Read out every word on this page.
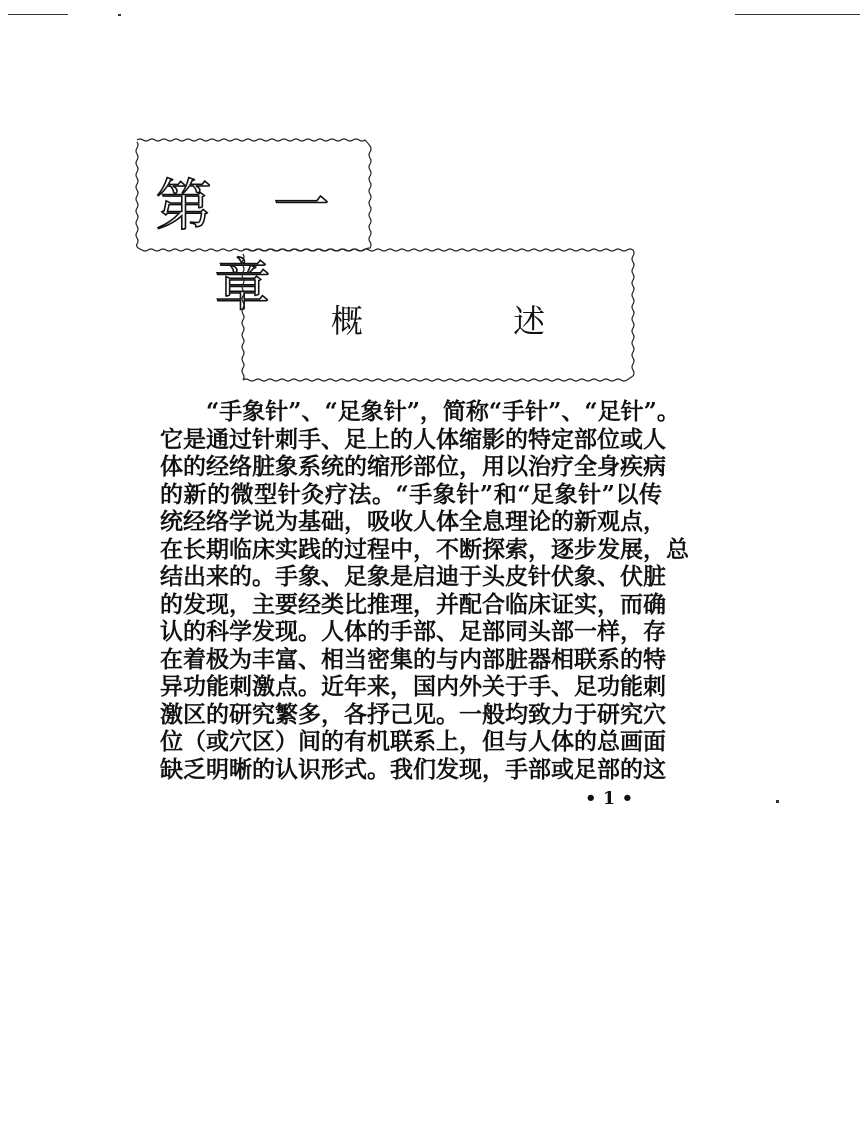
第 一 章
概 述
“手象针”、“足象针”，简称“手针”、“足针”。
它是通过针刺手、足上的人体缩影的特定部位或人
体的经络脏象系统的缩形部位，用以治疗全身疾病
的新的微型针灸疗法。“手象针”和“足象针”以传
统经络学说为基础，吸收人体全息理论的新观点，
在长期临床实践的过程中，不断探索，逐步发展，总
结出来的。手象、足象是启迪于头皮针伏象、伏脏
的发现，主要经类比推理，并配合临床证实，而确
认的科学发现。人体的手部、足部同头部一样，存
在着极为丰富、相当密集的与内部脏器相联系的特
异功能刺激点。近年来，国内外关于手、足功能刺
激区的研究繁多，各抒己见。一般均致力于研究穴
位（或穴区）间的有机联系上，但与人体的总画面
缺乏明晰的认识形式。我们发现，手部或足部的这
• 1 •
